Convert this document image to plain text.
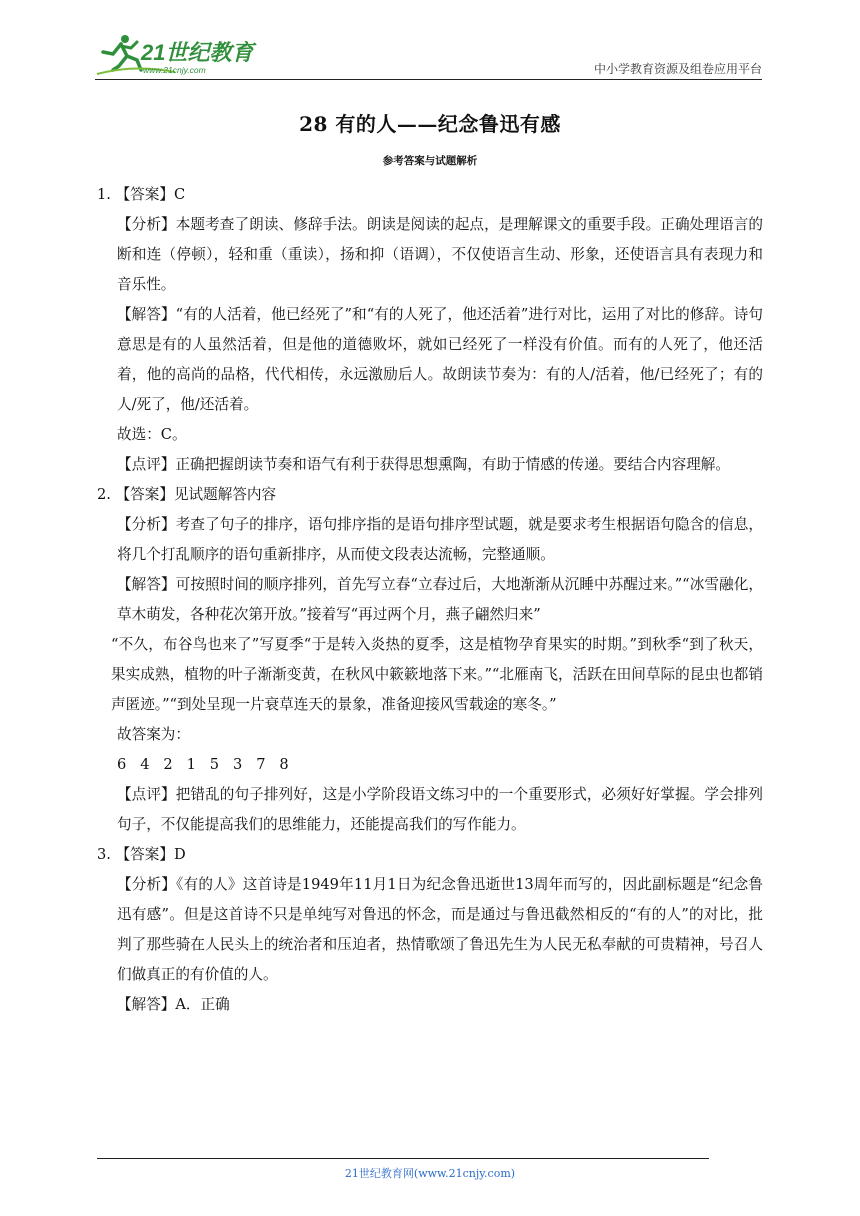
21世纪教育
www.21cnjy.com	中小学教育资源及组卷应用平台
28 有的人——纪念鲁迅有感
参考答案与试题解析
1. 【答案】C
【分析】本题考查了朗读、修辞手法。朗读是阅读的起点，是理解课文的重要手段。正确处理语言的断和连（停顿），轻和重（重读），扬和抑（语调），不仅使语言生动、形象，还使语言具有表现力和音乐性。
【解答】“有的人活着，他已经死了”和“有的人死了，他还活着”进行对比，运用了对比的修辞。诗句意思是有的人虽然活着，但是他的道德败坏，就如已经死了一样没有价值。而有的人死了，他还活着，他的高尚的品格，代代相传，永远激励后人。故朗读节奏为：有的人/活着，他/已经死了；有的人/死了，他/还活着。
故选：C。
【点评】正确把握朗读节奏和语气有利于获得思想熏陶，有助于情感的传递。要结合内容理解。
2. 【答案】见试题解答内容
【分析】考查了句子的排序，语句排序指的是语句排序型试题，就是要求考生根据语句隐含的信息，将几个打乱顺序的语句重新排序，从而使文段表达流畅，完整通顺。
【解答】可按照时间的顺序排列，首先写立春“立春过后，大地渐渐从沉睡中苏醒过来。”“冰雪融化，草木萌发，各种花次第开放。”接着写“再过两个月，燕子翩然归来”
“不久，布谷鸟也来了”写夏季“于是转入炎热的夏季，这是植物孕育果实的时期。”到秋季“到了秋天，果实成熟，植物的叶子渐渐变黄，在秋风中簌簌地落下来。”“北雁南飞，活跃在田间草际的昆虫也都销声匿迹。”“到处呈现一片衰草连天的景象，准备迎接风雪载途的寒冬。”
故答案为：
6   4   2   1   5   3   7   8
【点评】把错乱的句子排列好，这是小学阶段语文练习中的一个重要形式，必须好好掌握。学会排列句子，不仅能提高我们的思维能力，还能提高我们的写作能力。
3. 【答案】D
【分析】《有的人》这首诗是1949年11月1日为纪念鲁迅逝世13周年而写的，因此副标题是“纪念鲁迅有感”。但是这首诗不只是单纯写对鲁迅的怀念，而是通过与鲁迅截然相反的“有的人”的对比，批判了那些骑在人民头上的统治者和压迫者，热情歌颂了鲁迅先生为人民无私奉献的可贵精神，号召人们做真正的有价值的人。
【解答】A．正确
21世纪教育网(www.21cnjy.com)
